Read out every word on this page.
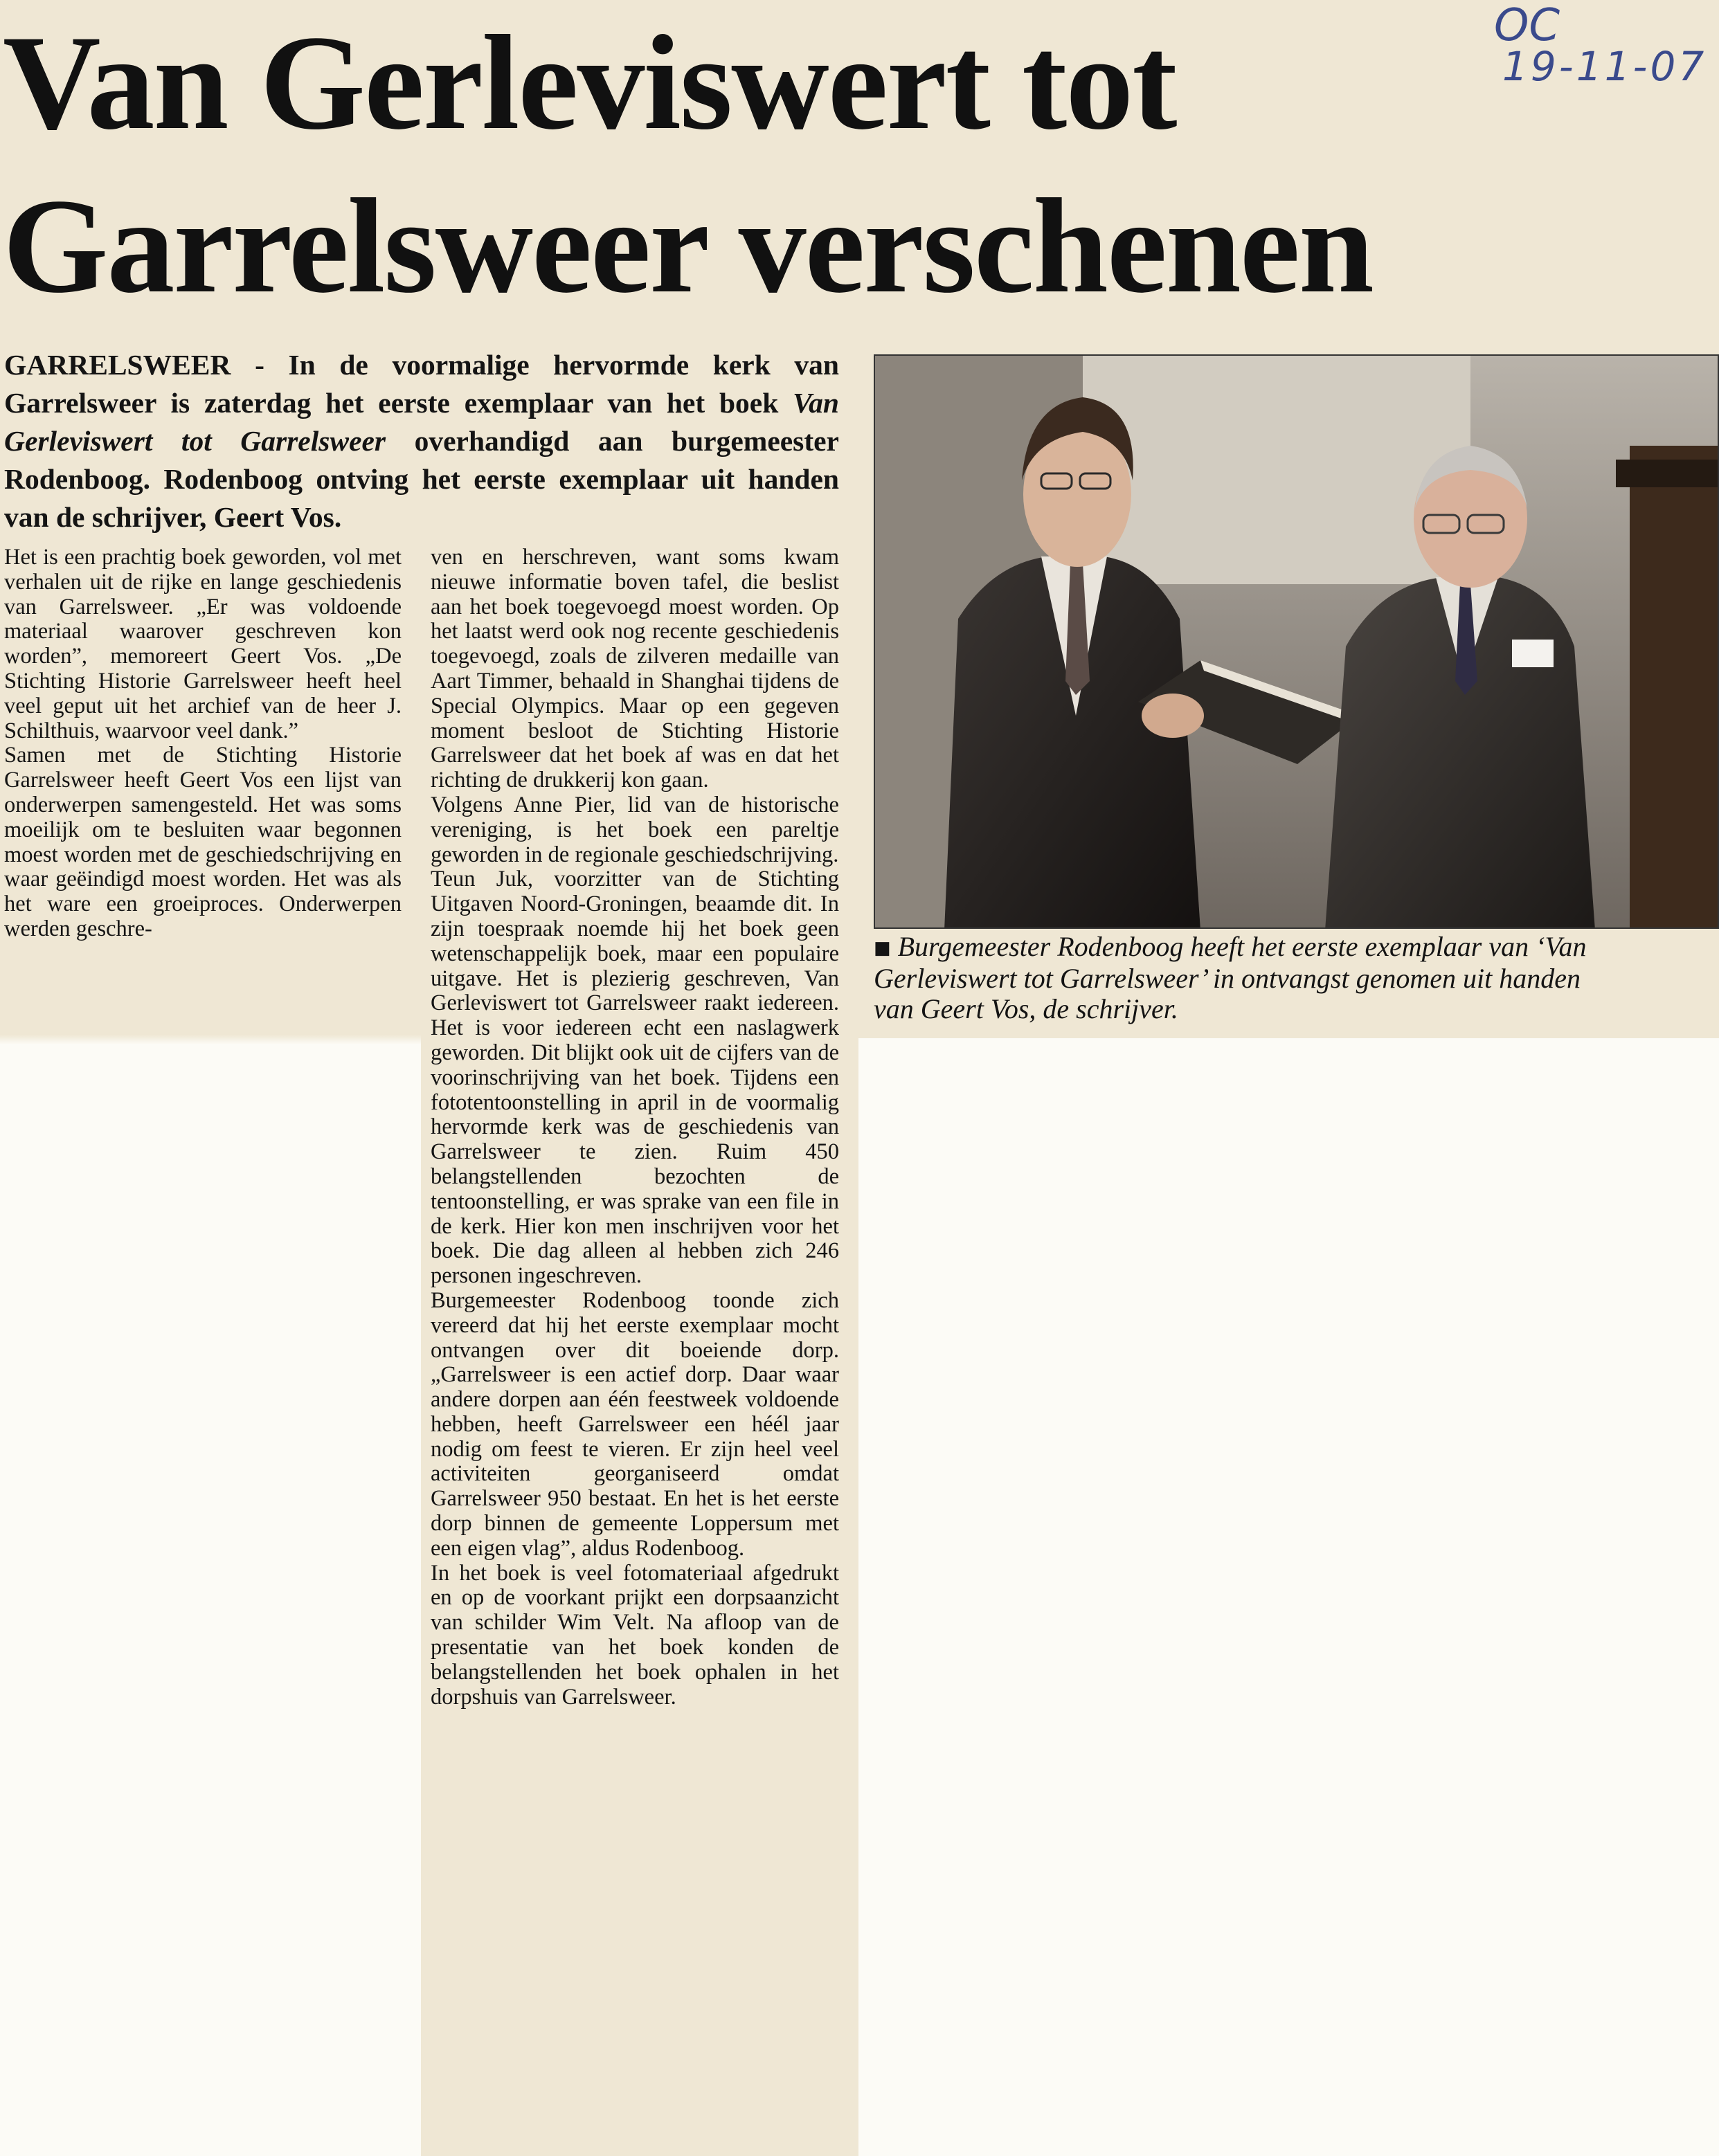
OC
19-11-07
Van Gerleviswert tot
Garrelsweer verschenen
GARRELSWEER - In de voormalige hervormde kerk van Garrelsweer is zaterdag het eerste exemplaar van het boek Van Gerleviswert tot Garrelsweer overhandigd aan burgemeester Rodenboog. Rodenboog ontving het eerste exemplaar uit handen van de schrijver, Geert Vos.

Het is een prachtig boek geworden, vol met verhalen uit de rijke en lange geschiedenis van Garrelsweer. „Er was voldoende materiaal waarover geschreven kon worden”, memoreert Geert Vos. „De Stichting Historie Garrelsweer heeft heel veel geput uit het archief van de heer J. Schilthuis, waarvoor veel dank.”

Samen met de Stichting Historie Garrelsweer heeft Geert Vos een lijst van onderwerpen samengesteld. Het was soms moeilijk om te besluiten waar begonnen moest worden met de geschiedschrijving en waar geëindigd moest worden. Het was als het ware een groeiproces. Onderwerpen werden geschre-

ven en herschreven, want soms kwam nieuwe informatie boven tafel, die beslist aan het boek toegevoegd moest worden. Op het laatst werd ook nog recente geschiedenis toegevoegd, zoals de zilveren medaille van Aart Timmer, behaald in Shanghai tijdens de Special Olympics. Maar op een gegeven moment besloot de Stichting Historie Garrelsweer dat het boek af was en dat het richting de drukkerij kon gaan.

Volgens Anne Pier, lid van de historische vereniging, is het boek een pareltje geworden in de regionale geschiedschrijving.

Teun Juk, voorzitter van de Stichting Uitgaven Noord-Groningen, beaamde dit. In zijn toespraak noemde hij het boek geen wetenschappelijk boek, maar een populaire uitgave. Het is plezierig geschreven, Van Gerleviswert tot Garrelsweer raakt iedereen. Het is voor iedereen echt een naslagwerk geworden. Dit blijkt ook uit de cijfers van de voorinschrijving van het boek. Tijdens een fototentoonstelling in april in de voormalig hervormde kerk was de geschiedenis van Garrelsweer te zien. Ruim 450 belangstellenden bezochten de tentoonstelling, er was sprake van een file in de kerk. Hier kon men inschrijven voor het boek. Die dag alleen al hebben zich 246 personen ingeschreven.

Burgemeester Rodenboog toonde zich vereerd dat hij het eerste exemplaar mocht ontvangen over dit boeiende dorp. „Garrelsweer is een actief dorp. Daar waar andere dorpen aan één feestweek voldoende hebben, heeft Garrelsweer een héél jaar nodig om feest te vieren. Er zijn heel veel activiteiten georganiseerd omdat Garrelsweer 950 bestaat. En het is het eerste dorp binnen de gemeente Loppersum met een eigen vlag”, aldus Rodenboog.

In het boek is veel fotomateriaal afgedrukt en op de voorkant prijkt een dorpsaanzicht van schilder Wim Velt. Na afloop van de presentatie van het boek konden de belangstellenden het boek ophalen in het dorpshuis van Garrelsweer.

■ Burgemeester Rodenboog heeft het eerste exemplaar van ‘Van
Gerleviswert tot Garrelsweer’ in ontvangst genomen uit handen
van Geert Vos, de schrijver.
